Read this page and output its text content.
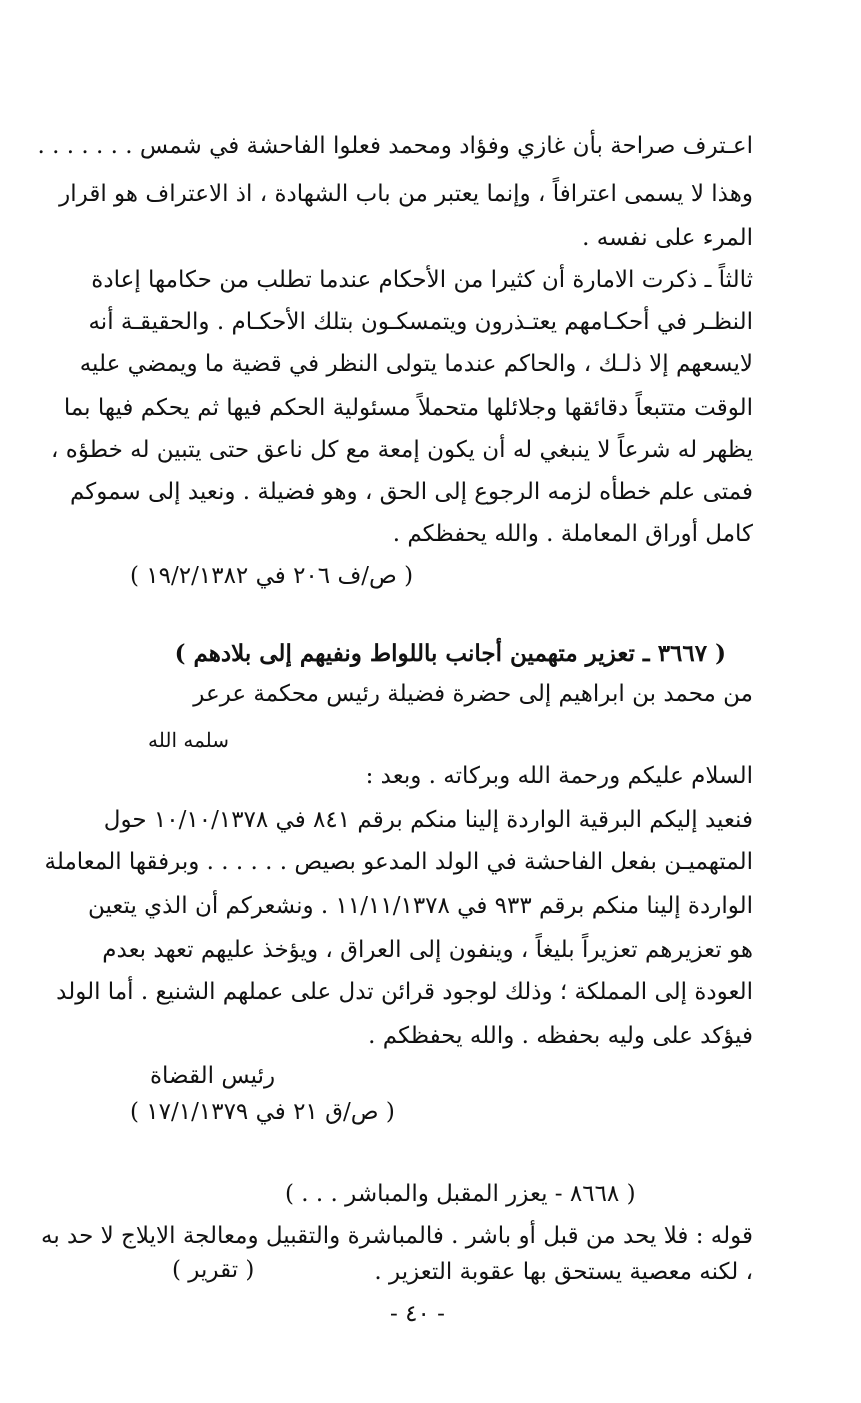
اعـترف صراحة بأن غازي وفؤاد ومحمد فعلوا الفاحشة في شمس . . . . . . .
وهذا لا يسمى اعترافاً ، وإنما يعتبر من باب الشهادة ، اذ الاعتراف هو اقرار
المرء على نفسه .
ثالثاً ـ ذكرت الامارة أن كثيرا من الأحكام عندما تطلب من حكامها إعادة
النظـر في أحكـامهم يعتـذرون ويتمسكـون بتلك الأحكـام . والحقيقـة أنه
لايسعهم إلا ذلـك ، والحاكم عندما يتولى النظر في قضية ما ويمضي عليه
الوقت متتبعاً دقائقها وجلائلها متحملاً مسئولية الحكم فيها ثم يحكم فيها بما
يظهر له شرعاً لا ينبغي له أن يكون إمعة مع كل ناعق حتى يتبين له خطؤه ،
فمتى علم خطأه لزمه الرجوع إلى الحق ، وهو فضيلة . ونعيد إلى سموكم
كامل أوراق المعاملة . والله يحفظكم .
( ص/ف ٢٠٦ في ١٩/٢/١٣٨٢ )
( ٣٦٦٧ ـ تعزير متهمين أجانب باللواط ونفيهم إلى بلادهم )
من محمد بن ابراهيم إلى حضرة فضيلة رئيس محكمة عرعر
سلمه الله
السلام عليكم ورحمة الله وبركاته . وبعد :
فنعيد إليكم البرقية الواردة إلينا منكم برقم ٨٤١ في ١٠/١٠/١٣٧٨ حول
المتهميـن بفعل الفاحشة في الولد المدعو بصيص . . . . . . وبرفقها المعاملة
الواردة إلينا منكم برقم ٩٣٣ في ١١/١١/١٣٧٨ . ونشعركم أن الذي يتعين
هو تعزيرهم تعزيراً بليغاً ، وينفون إلى العراق ، ويؤخذ عليهم تعهد بعدم
العودة إلى المملكة ؛ وذلك لوجود قرائن تدل على عملهم الشنيع . أما الولد
فيؤكد على وليه بحفظه . والله يحفظكم .
رئيس القضاة
( ص/ق ٢١ في ١٧/١/١٣٧٩ )
( ٨٦٦٨ - يعزر المقبل والمباشر . . . )
قوله : فلا يحد من قبل أو باشر . فالمباشرة والتقبيل ومعالجة الايلاج لا حد به
، لكنه معصية يستحق بها عقوبة التعزير .
( تقرير )
- ٤٠ -
